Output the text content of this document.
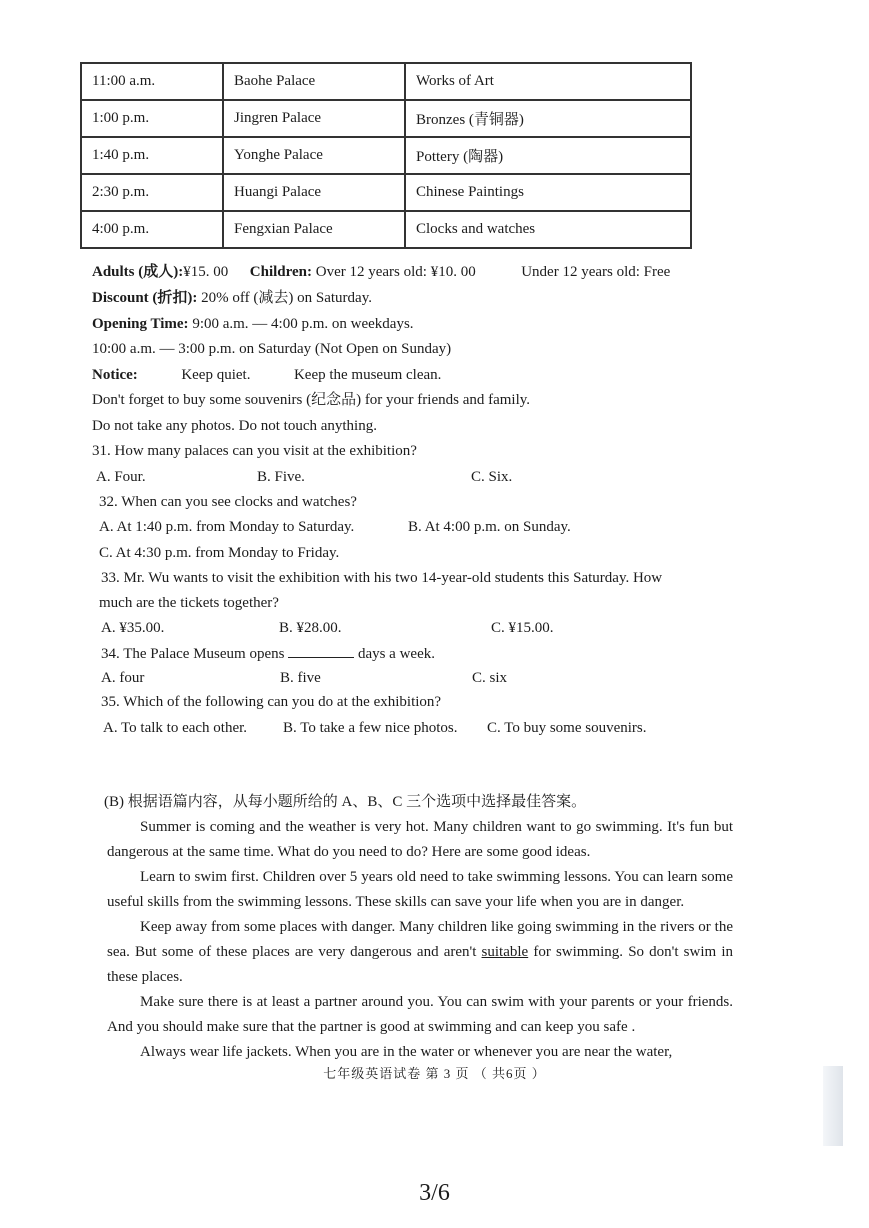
11:00 a.m.	Baohe Palace	Works of Art
1:00 p.m.	Jingren Palace	Bronzes (青铜器)
1:40 p.m.	Yonghe Palace	Pottery (陶器)
2:30 p.m.	Huangi Palace	Chinese Paintings
4:00 p.m.	Fengxian Palace	Clocks and watches
Adults (成人):¥15. 00 Children: Over 12 years old: ¥10. 00	Under 12 years old: Free
Discount (折扣): 20% off (减去) on Saturday.
Opening Time: 9:00 a.m. — 4:00 p.m. on weekdays.
10:00 a.m. — 3:00 p.m. on Saturday (Not Open on Sunday)
Notice:	Keep quiet.	Keep the museum clean.
Don't forget to buy some souvenirs (纪念品) for your friends and family.
Do not take any photos. Do not touch anything.
31. How many palaces can you visit at the exhibition?
A. Four.	B. Five.	C. Six.
32. When can you see clocks and watches?
A. At 1:40 p.m. from Monday to Saturday.	B. At 4:00 p.m. on Sunday.
C. At 4:30 p.m. from Monday to Friday.
33. Mr. Wu wants to visit the exhibition with his two 14-year-old students this Saturday. How
much are the tickets together?
A. ¥35.00.	B. ¥28.00.	C. ¥15.00.
34. The Palace Museum opens	days a week.
A. four	B. five	C. six
35. Which of the following can you do at the exhibition?
A. To talk to each other. B. To take a few nice photos. C. To buy some souvenirs.
(B) 根据语篇内容，从每小题所给的 A、B、C 三个选项中选择最佳答案。

Summer is coming and the weather is very hot. Many children want to go swimming. It's fun but dangerous at the same time. What do you need to do? Here are some good ideas.

Learn to swim first. Children over 5 years old need to take swimming lessons. You can learn some useful skills from the swimming lessons. These skills can save your life when you are in danger.

Keep away from some places with danger. Many children like going swimming in the rivers or the sea. But some of these places are very dangerous and aren't suitable for swimming. So don't swim in these places.

Make sure there is at least a partner around you. You can swim with your parents or your friends. And you should make sure that the partner is good at swimming and can keep you safe .

Always wear life jackets. When you are in the water or whenever you are near the water,

七年级英语试卷 第 3 页 （ 共6页 ）
3/6
